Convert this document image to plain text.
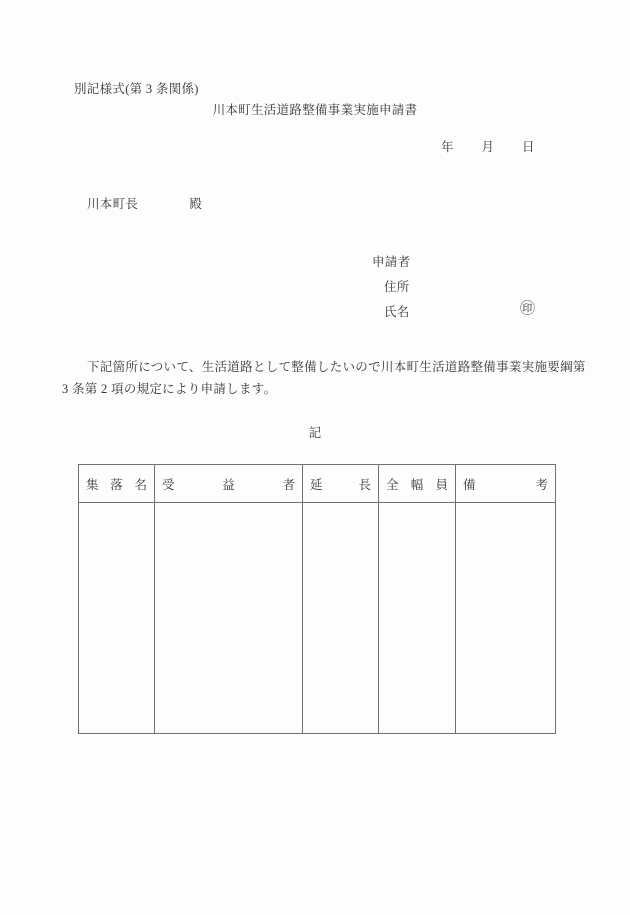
別記様式(第 3 条関係)
川本町生活道路整備事業実施申請書
年　　月　　日
川本町長　　　　殿
申請者
住所
氏名	㊞
下記箇所について、生活道路として整備したいので川本町生活道路整備事業実施要綱第
3 条第 2 項の規定により申請します。
記
集 落 名	受 益 者	延 長	全 幅 員	備 考
